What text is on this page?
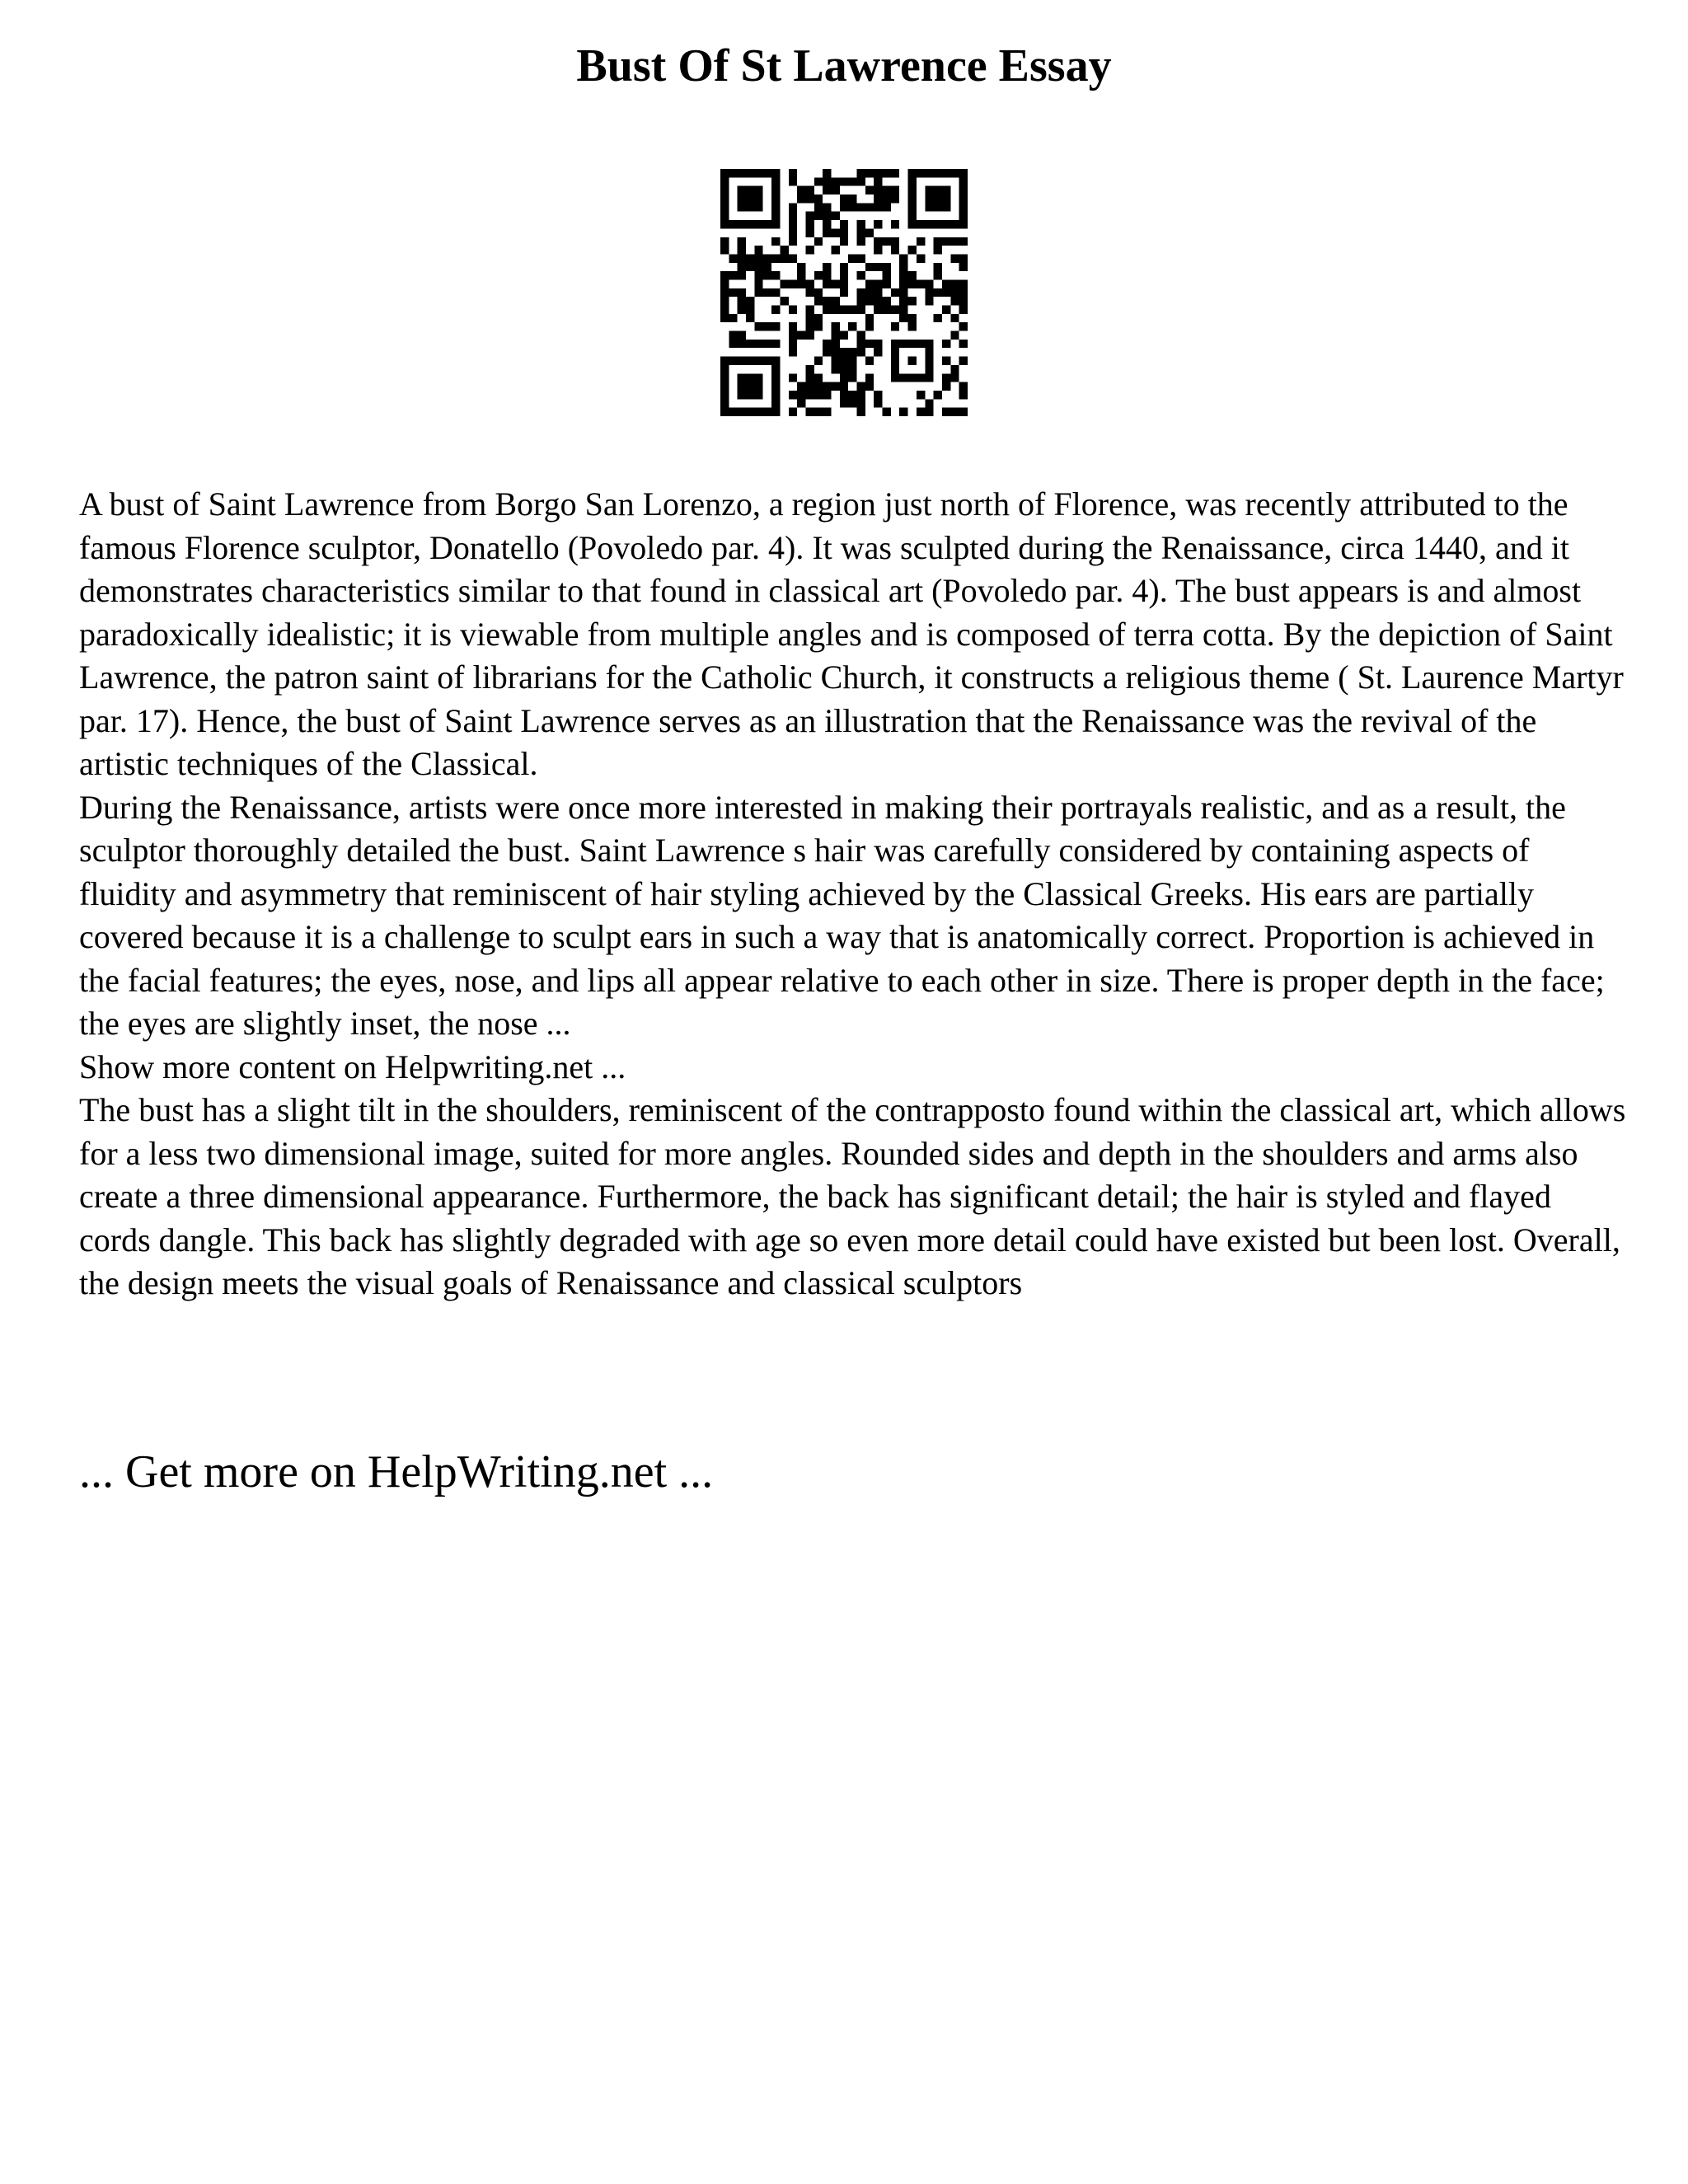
Bust Of St Lawrence Essay

A bust of Saint Lawrence from Borgo San Lorenzo, a region just north of Florence, was recently attributed to the famous Florence sculptor, Donatello (Povoledo par. 4). It was sculpted during the Renaissance, circa 1440, and it demonstrates characteristics similar to that found in classical art (Povoledo par. 4). The bust appears is and almost paradoxically idealistic; it is viewable from multiple angles and is composed of terra cotta. By the depiction of Saint Lawrence, the patron saint of librarians for the Catholic Church, it constructs a religious theme ( St. Laurence Martyr par. 17). Hence, the bust of Saint Lawrence serves as an illustration that the Renaissance was the revival of the artistic techniques of the Classical.

During the Renaissance, artists were once more interested in making their portrayals realistic, and as a result, the sculptor thoroughly detailed the bust. Saint Lawrence s hair was carefully considered by containing aspects of fluidity and asymmetry that reminiscent of hair styling achieved by the Classical Greeks. His ears are partially covered because it is a challenge to sculpt ears in such a way that is anatomically correct. Proportion is achieved in the facial features; the eyes, nose, and lips all appear relative to each other in size. There is proper depth in the face; the eyes are slightly inset, the nose ...

Show more content on Helpwriting.net ...

The bust has a slight tilt in the shoulders, reminiscent of the contrapposto found within the classical art, which allows for a less two dimensional image, suited for more angles. Rounded sides and depth in the shoulders and arms also create a three dimensional appearance. Furthermore, the back has significant detail; the hair is styled and flayed cords dangle. This back has slightly degraded with age so even more detail could have existed but been lost. Overall, the design meets the visual goals of Renaissance and classical sculptors

... Get more on HelpWriting.net ...
